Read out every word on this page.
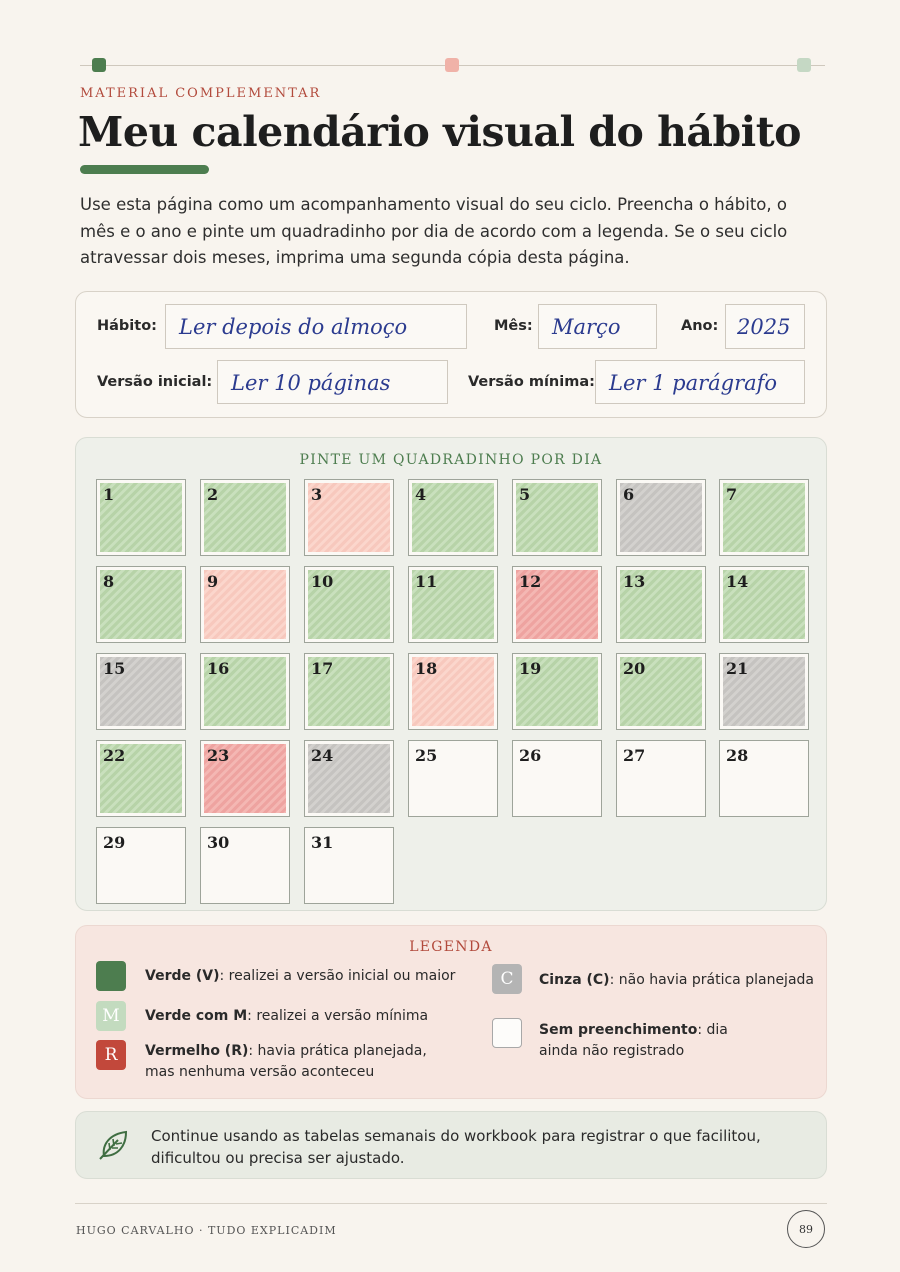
MATERIAL COMPLEMENTAR
Meu calendário visual do hábito

Use esta página como um acompanhamento visual do seu ciclo. Preencha o hábito, o mês e o ano e pinte um quadradinho por dia de acordo com a legenda. Se o seu ciclo atravessar dois meses, imprima uma segunda cópia desta página.

Hábito:	Ler depois do almoço	Mês: Março	Ano: 2025
Versão inicial: Ler 10 páginas	Versão mínima: Ler 1 parágrafo
PINTE UM QUADRADINHO POR DIA
1	2	3	4	5	6	7
8	9	10	11	12	13	14
15	16	17	18	19	20	21
22	23	24	25	26	27	28
29	30	31
LEGENDA
Verde (V): realizei a versão inicial ou maior
M	Verde com M: realizei a versão mínima
R	Vermelho (R): havia prática planejada, mas nenhuma versão aconteceu
C	Cinza (C): não havia prática planejada
Sem preenchimento: dia ainda não registrado

Continue usando as tabelas semanais do workbook para registrar o que facilitou, dificultou ou precisa ser ajustado.

HUGO CARVALHO · TUDO EXPLICADIM	89
